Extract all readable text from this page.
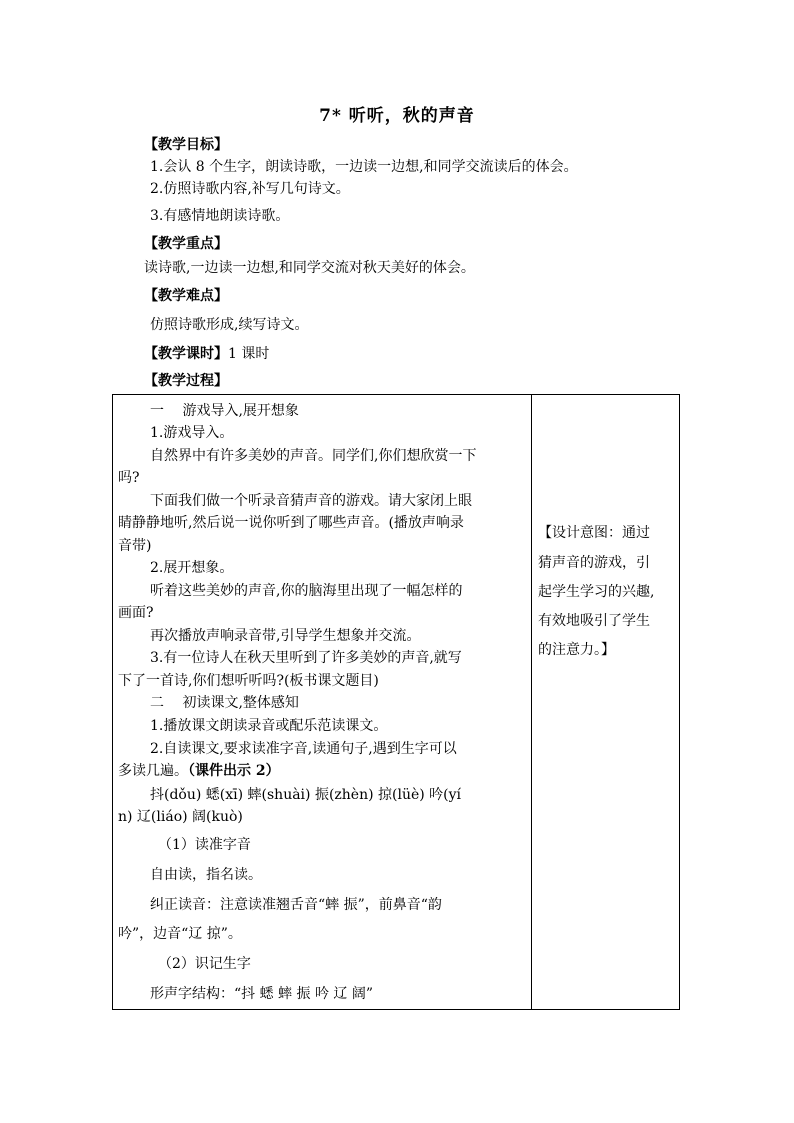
7* 听听，秋的声音
【教学目标】
1.会认 8 个生字，朗读诗歌，一边读一边想,和同学交流读后的体会。
2.仿照诗歌内容,补写几句诗文。
3.有感情地朗读诗歌。
【教学重点】
读诗歌,一边读一边想,和同学交流对秋天美好的体会。
【教学难点】
仿照诗歌形成,续写诗文。
【教学课时】1 课时
【教学过程】
一　 游戏导入,展开想象
1.游戏导入。
自然界中有许多美妙的声音。同学们,你们想欣赏一下
吗?
下面我们做一个听录音猜声音的游戏。请大家闭上眼
睛静静地听,然后说一说你听到了哪些声音。(播放声响录
音带)
2.展开想象。
听着这些美妙的声音,你的脑海里出现了一幅怎样的
画面?
再次播放声响录音带,引导学生想象并交流。
3.有一位诗人在秋天里听到了许多美妙的声音,就写
下了一首诗,你们想听听吗?(板书课文题目)
二　 初读课文,整体感知
1.播放课文朗读录音或配乐范读课文。
2.自读课文,要求读准字音,读通句子,遇到生字可以
多读几遍。（课件出示 2）
抖(dǒu) 蟋(xī) 蟀(shuài) 振(zhèn) 掠(lüè) 吟(yí
n) 辽(liáo) 阔(kuò)
（1）读准字音
自由读，指名读。
纠正读音：注意读准翘舌音“蟀 振”，前鼻音“韵
吟”，边音“辽 掠”。
（2）识记生字
形声字结构：“抖 蟋 蟀 振 吟 辽 阔”
【设计意图：通过
猜声音的游戏，引
起学生学习的兴趣,
有效地吸引了学生
的注意力。】
